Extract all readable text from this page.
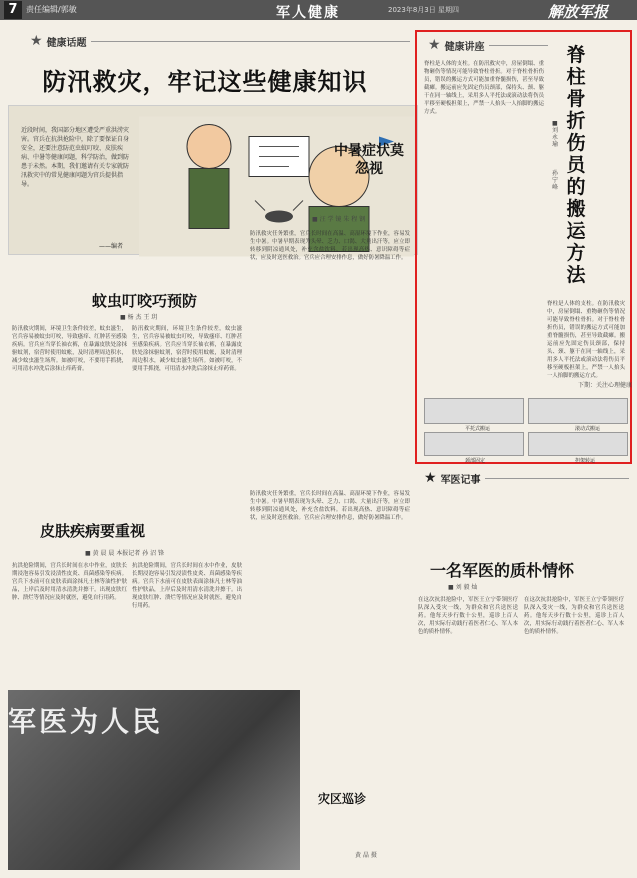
7	责任编辑/郭敏	军人健康	2023年8月3日 星期四	解放军报
★ 健康话题
防汛救灾，牢记这些健康知识
近段时间，我国部分地区遭受严重洪涝灾害。官兵在抗洪抢险中，除了要保证自身安全，还要注意防范虫蚊叮咬、皮肤疾病、中暑等健康问题，科学防治，做到防患于未然。本期，我们邀请有关专家就防汛救灾中的常见健康问题为官兵提供指导。
——编者
蚊虫叮咬巧预防
■ 杨 杰 王 玥
防汛救灾期间，环境卫生条件较差，蚊虫滋生，官兵容易被蚊虫叮咬，导致瘙痒、红肿甚至感染疾病。官兵应当穿长袖衣裤，在暴露皮肤处涂抹驱蚊剂，宿营时使用蚊帐，及时清理周边积水，减少蚊虫滋生场所。如被叮咬，不要用手抓挠，可用清水冲洗后涂抹止痒药膏。
防汛救灾期间，环境卫生条件较差，蚊虫滋生，官兵容易被蚊虫叮咬，导致瘙痒、红肿甚至感染疾病。官兵应当穿长袖衣裤，在暴露皮肤处涂抹驱蚊剂，宿营时使用蚊帐，及时清理周边积水，减少蚊虫滋生场所。如被叮咬，不要用手抓挠，可用清水冲洗后涂抹止痒药膏。
中暑症状莫忽视
■ 汪 学 镜 朱 程 钢
防汛救灾任务繁重，官兵长时间在高温、高湿环境下作业，容易发生中暑。中暑早期表现为头晕、乏力、口渴、大量出汗等，应立即转移到阴凉通风处，补充含盐饮料。若出现高热、意识障碍等症状，应及时送医救治。官兵应合理安排作息，做好防暑降温工作。
皮肤疾病要重视
■ 黄 晨 晨 本报记者 孙 沼 锋
抗洪抢险期间，官兵长时间在水中作业，皮肤长期浸泡容易引发浸渍性皮炎、真菌感染等疾病。官兵下水前可在皮肤表面涂抹凡士林等油性护肤品，上岸后及时用清水清洗并擦干。出现皮肤红肿、溃烂等情况应及时就医，避免自行用药。
抗洪抢险期间，官兵长时间在水中作业，皮肤长期浸泡容易引发浸渍性皮炎、真菌感染等疾病。官兵下水前可在皮肤表面涂抹凡士林等油性护肤品，上岸后及时用清水清洗并擦干。出现皮肤红肿、溃烂等情况应及时就医，避免自行用药。
防汛救灾任务繁重，官兵长时间在高温、高湿环境下作业，容易发生中暑。中暑早期表现为头晕、乏力、口渴、大量出汗等，应立即转移到阴凉通风处，补充含盐饮料。若出现高热、意识障碍等症状，应及时送医救治。官兵应合理安排作息，做好防暑降温工作。
军医为人民
灾区巡诊
黄 晶 摄
★ 健康讲座	脊柱骨折伤员的搬运方法
■ 刘 永 瑜
孙 宁 峰
脊柱是人体的支柱。在防汛救灾中，房屋倒塌、重物砸伤等情况可能导致脊柱骨折。对于脊柱骨折伤员，错误的搬运方式可能加重脊髓损伤，甚至导致截瘫。搬运前应先固定伤员颈部，保持头、颈、躯干在同一轴线上，采用多人平托法或滚动法将伤员平移至硬板担架上，严禁一人抬头一人抬脚的搬运方式。
脊柱是人体的支柱。在防汛救灾中，房屋倒塌、重物砸伤等情况可能导致脊柱骨折。对于脊柱骨折伤员，错误的搬运方式可能加重脊髓损伤，甚至导致截瘫。搬运前应先固定伤员颈部，保持头、颈、躯干在同一轴线上，采用多人平托法或滚动法将伤员平移至硬板担架上，严禁一人抬头一人抬脚的搬运方式。
下期：关注心理健康
平托式搬运	滚动式搬运
颈部固定	担架转运
★ 军医记事
一名军医的质朴情怀
■ 刘 毅 灿
在这次抗洪抢险中，军医王立宁带领医疗队深入受灾一线，为群众和官兵送医送药。他每天步行数十公里，巡诊上百人次，用实际行动践行着医者仁心、军人本色的质朴情怀。
在这次抗洪抢险中，军医王立宁带领医疗队深入受灾一线，为群众和官兵送医送药。他每天步行数十公里，巡诊上百人次，用实际行动践行着医者仁心、军人本色的质朴情怀。
